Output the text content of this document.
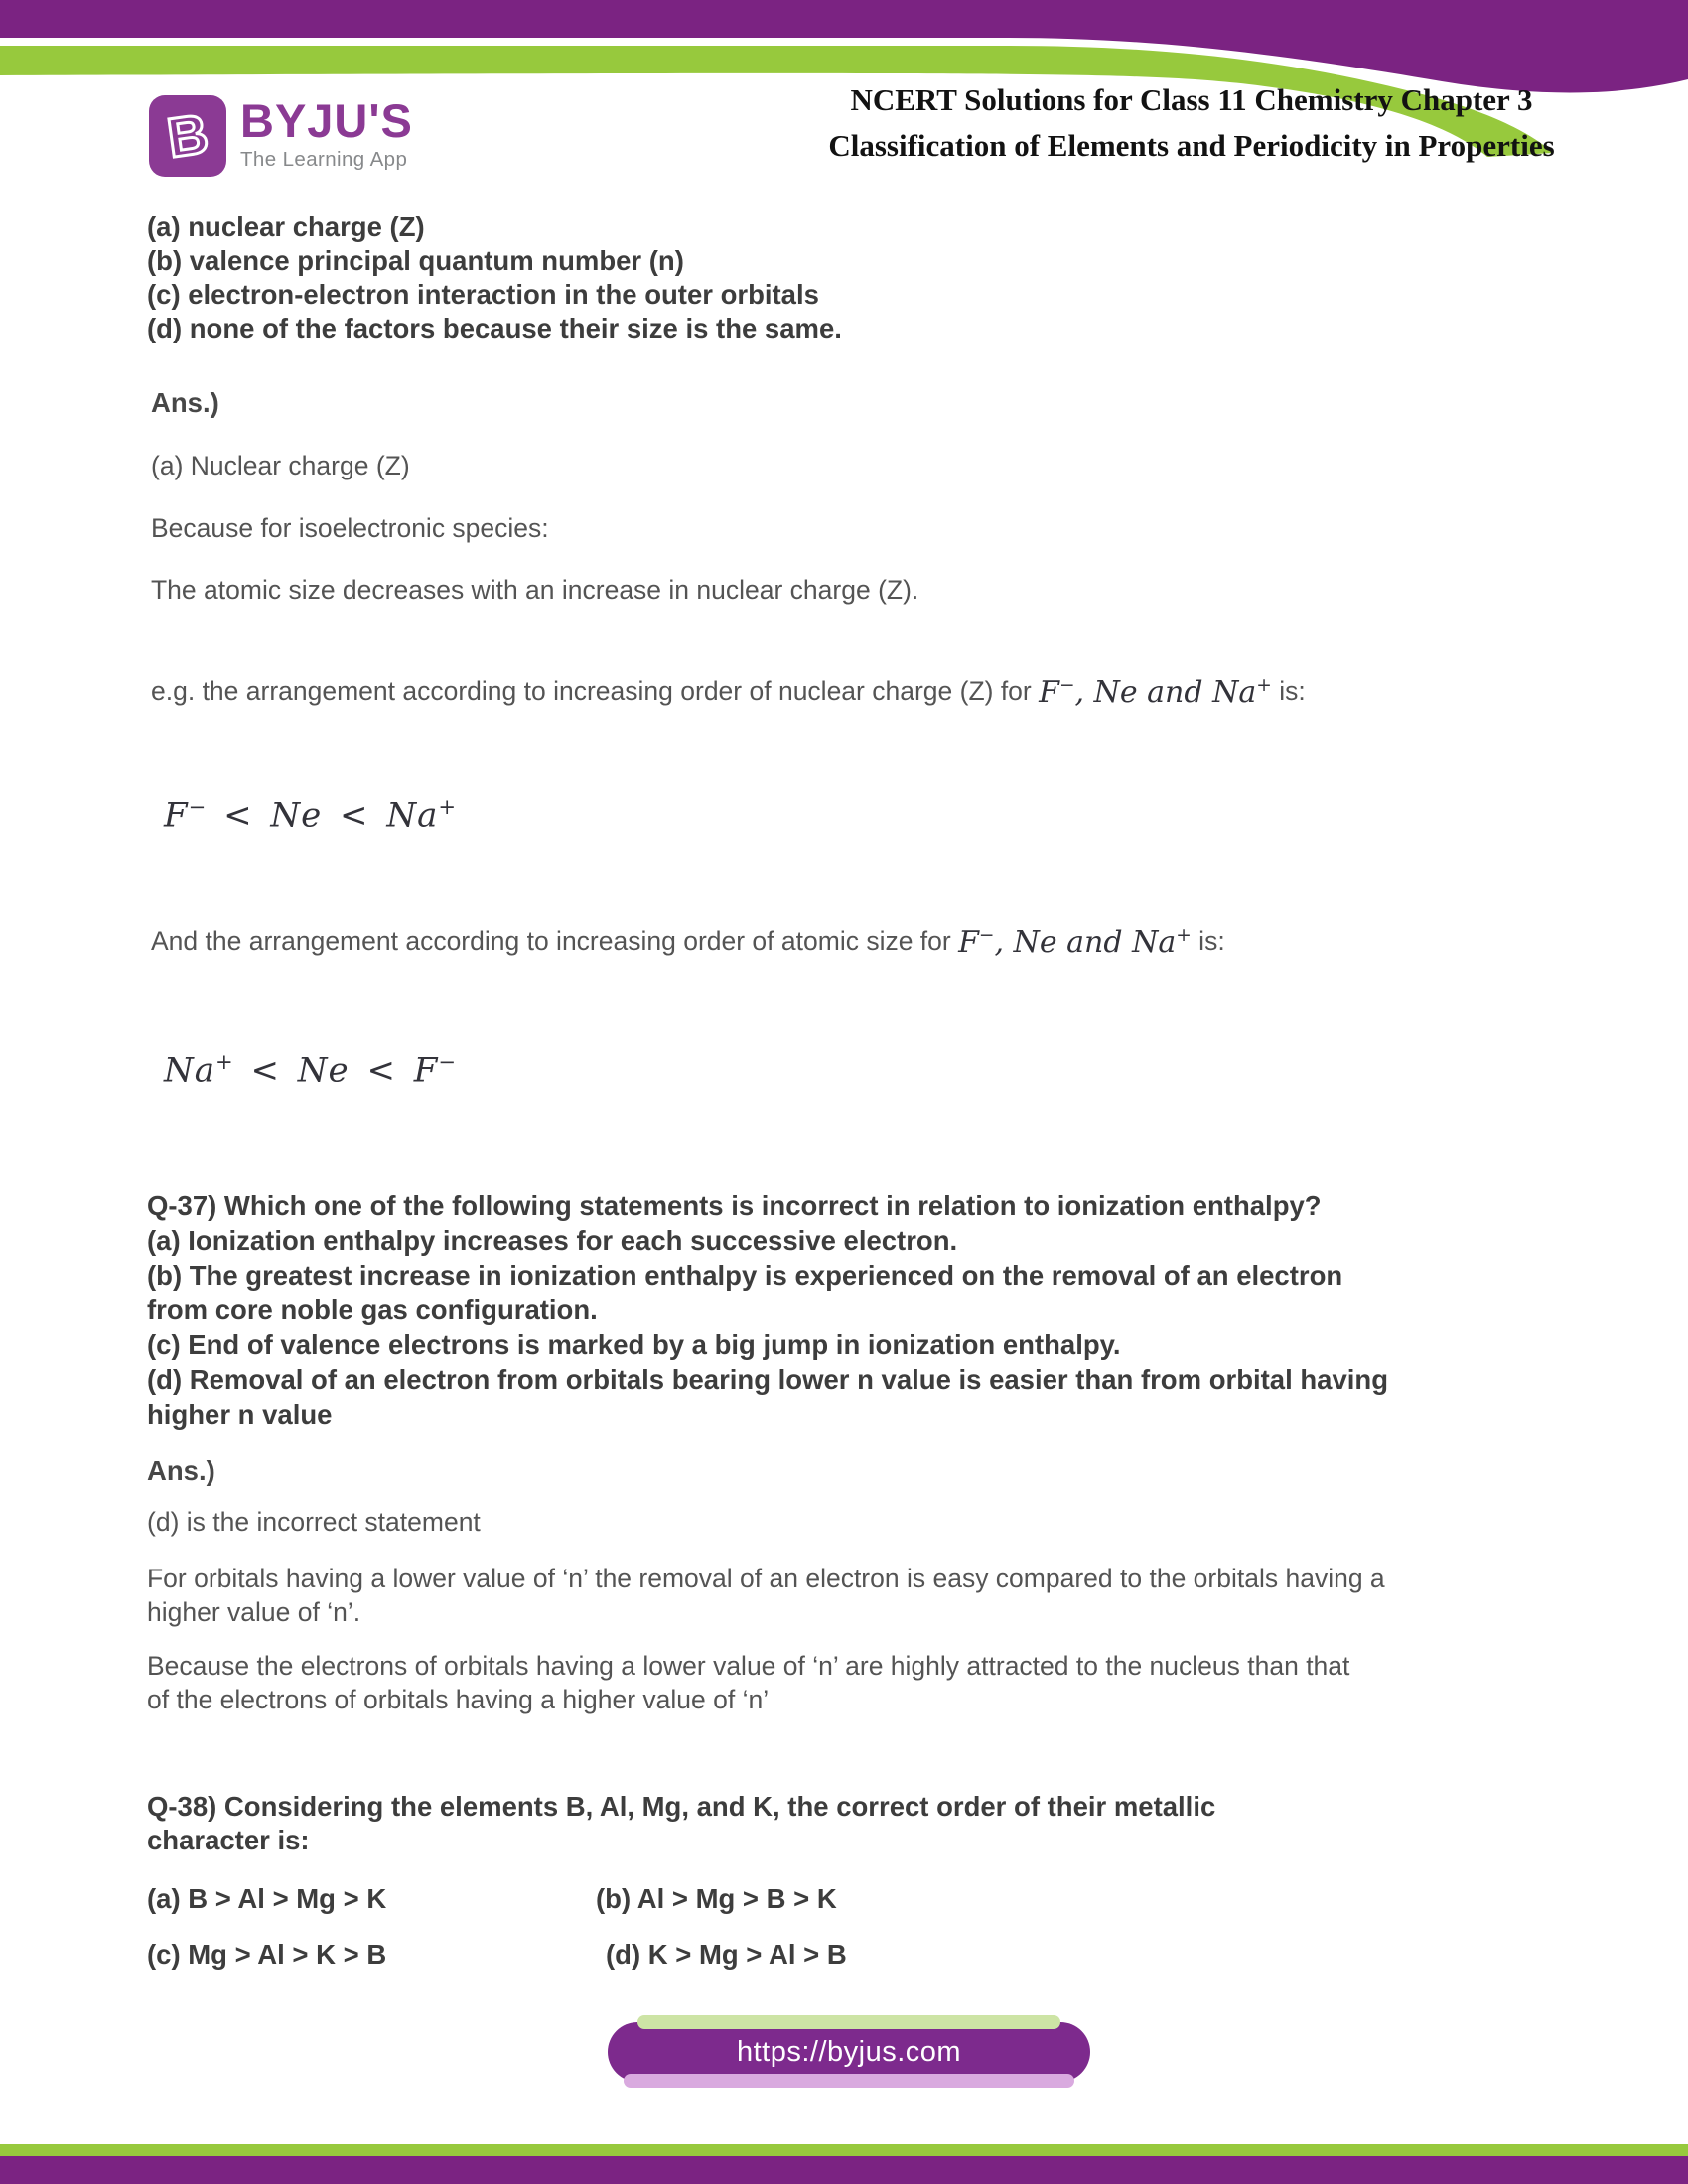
B BYJU'S
The Learning App
NCERT Solutions for Class 11 Chemistry Chapter 3
Classification of Elements and Periodicity in Properties
(a) nuclear charge (Z)
(b) valence principal quantum number (n)
(c) electron-electron interaction in the outer orbitals
(d) none of the factors because their size is the same.
Ans.)
(a) Nuclear charge (Z)
Because for isoelectronic species:
The atomic size decreases with an increase in nuclear charge (Z).
e.g. the arrangement according to increasing order of nuclear charge (Z) for F−, Ne and Na+ is:
F− < Ne < Na+
And the arrangement according to increasing order of atomic size for F−, Ne and Na+ is:
Na+ < Ne < F−
Q-37) Which one of the following statements is incorrect in relation to ionization enthalpy?
(a) Ionization enthalpy increases for each successive electron.
(b) The greatest increase in ionization enthalpy is experienced on the removal of an electron
from core noble gas configuration.
(c) End of valence electrons is marked by a big jump in ionization enthalpy.
(d) Removal of an electron from orbitals bearing lower n value is easier than from orbital having
higher n value
Ans.)
(d) is the incorrect statement
For orbitals having a lower value of ‘n’ the removal of an electron is easy compared to the orbitals having a
higher value of ‘n’.
Because the electrons of orbitals having a lower value of ‘n’ are highly attracted to the nucleus than that
of the electrons of orbitals having a higher value of ‘n’
Q-38) Considering the elements B, Al, Mg, and K, the correct order of their metallic
character is:
(a) B > Al > Mg > K	(b) Al > Mg > B > K
(c) Mg > Al > K > B	(d) K > Mg > Al > B
https://byjus.com
